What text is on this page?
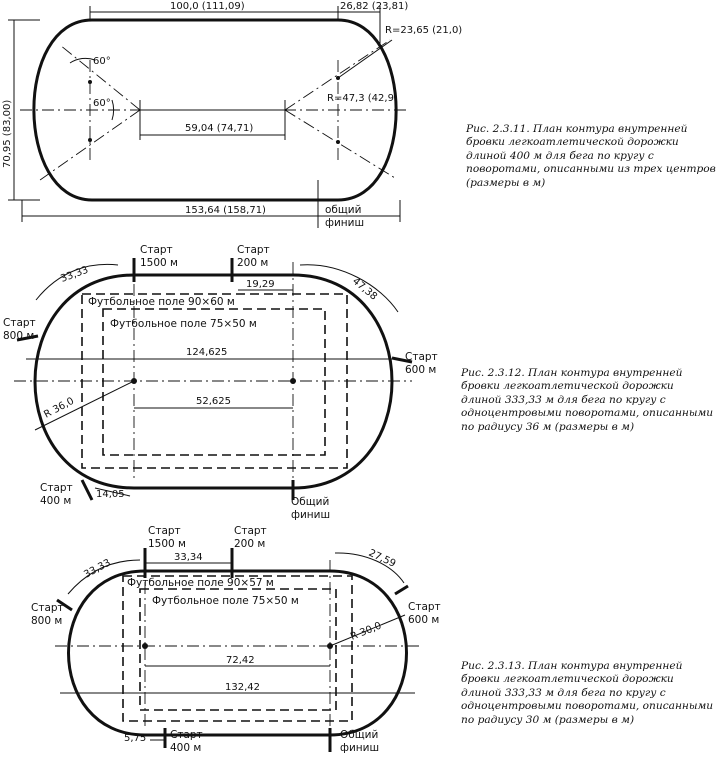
100,0 (111,09)	26,82 (23,81)
R=23,65 (21,0)
60°
60°	R=47,3 (42,9)
59,04 (74,71)
70,95 (83,00)
153,64 (158,71)	общий
финиш
Старт
1500 м
Старт
200 м
Старт
800 м
Старт
600 м
Старт
400 м	Общий
финиш
33,33
47,38
19,29
Футбольное поле 90×60 м
Футбольное поле 75×50 м
124,625
R 36,0	52,625
14,05
Старт
1500 м
Старт
200 м
Старт
800 м
Старт
600 м
Старт
400 м
Общий
финиш
33,33	33,34	27,59
Футбольное поле 90×57 м
Футбольное поле 75×50 м
R 30,0
72,42
132,42
5,75
Рис. 2.3.11. План контура внутренней
бровки легкоатлетической дорожки
длиной 400 м для бега по кругу с
поворотами, описанными из трех центров
(размеры в м)
Рис. 2.3.12. План контура внутренней
бровки легкоатлетической дорожки
длиной 333,33 м для бега по кругу с
одноцентровыми поворотами, описанными
по радиусу 36 м (размеры в м)
Рис. 2.3.13. План контура внутренней
бровки легкоатлетической дорожки
длиной 333,33 м для бега по кругу с
одноцентровыми поворотами, описанными
по радиусу 30 м (размеры в м)
